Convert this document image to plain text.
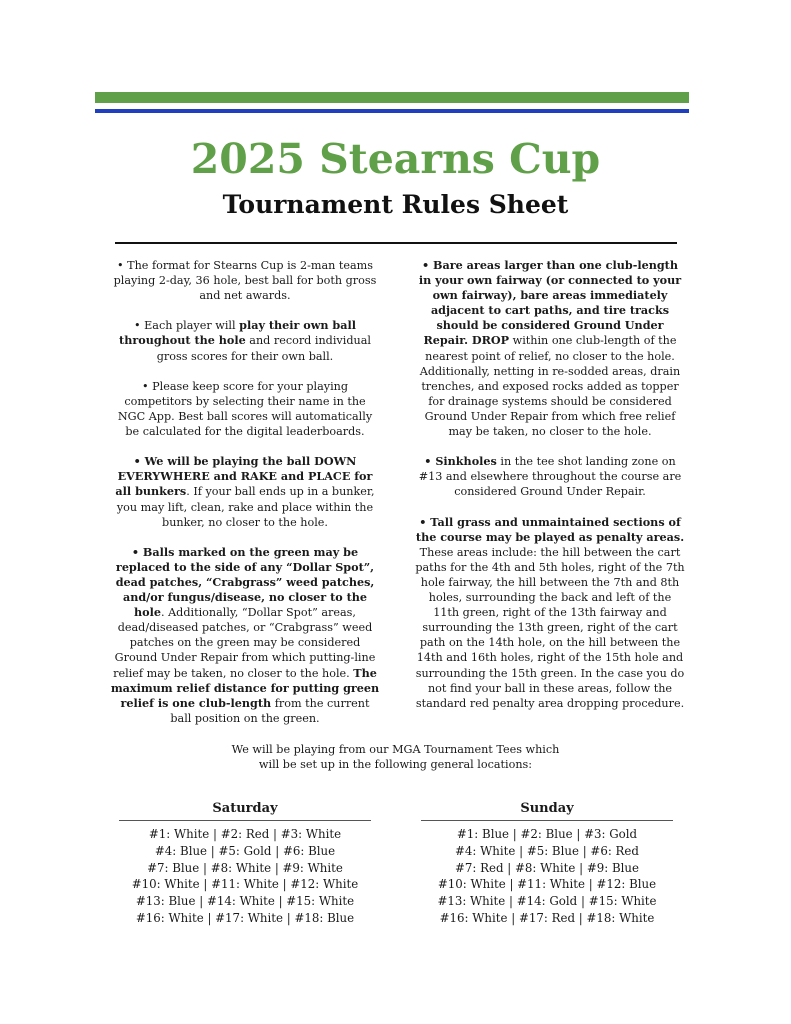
2025 Stearns Cup
Tournament Rules Sheet

• The format for Stearns Cup is 2-man teams playing 2-day, 36 hole, best ball for both gross and net awards.

• Each player will play their own ball throughout the hole and record individual gross scores for their own ball.

• Please keep score for your playing competitors by selecting their name in the NGC App. Best ball scores will automatically be calculated for the digital leaderboards.

• We will be playing the ball DOWN EVERYWHERE and RAKE and PLACE for all bunkers. If your ball ends up in a bunker, you may lift, clean, rake and place within the bunker, no closer to the hole.

• Balls marked on the green may be replaced to the side of any “Dollar Spot”, dead patches, “Crabgrass” weed patches, and/or fungus/disease, no closer to the hole. Additionally, “Dollar Spot” areas, dead/diseased patches, or “Crabgrass” weed patches on the green may be considered Ground Under Repair from which putting-line relief may be taken, no closer to the hole. The maximum relief distance for putting green relief is one club-length from the current ball position on the green.

• Bare areas larger than one club-length in your own fairway (or connected to your own fairway), bare areas immediately adjacent to cart paths, and tire tracks should be considered Ground Under Repair. DROP within one club-length of the nearest point of relief, no closer to the hole. Additionally, netting in re-sodded areas, drain trenches, and exposed rocks added as topper for drainage systems should be considered Ground Under Repair from which free relief may be taken, no closer to the hole.

• Sinkholes in the tee shot landing zone on #13 and elsewhere throughout the course are considered Ground Under Repair.

• Tall grass and unmaintained sections of the course may be played as penalty areas. These areas include: the hill between the cart paths for the 4th and 5th holes, right of the 7th hole fairway, the hill between the 7th and 8th holes, surrounding the back and left of the 11th green, right of the 13th fairway and surrounding the 13th green, right of the cart path on the 14th hole, on the hill between the 14th and 16th holes, right of the 15th hole and surrounding the 15th green. In the case you do not find your ball in these areas, follow the standard red penalty area dropping procedure.

We will be playing from our MGA Tournament Tees which
will be set up in the following general locations:
Saturday
#1: White | #2: Red | #3: White
#4: Blue | #5: Gold | #6: Blue
#7: Blue | #8: White | #9: White
#10: White | #11: White | #12: White
#13: Blue | #14: White | #15: White
#16: White | #17: White | #18: Blue
Sunday
#1: Blue | #2: Blue | #3: Gold
#4: White | #5: Blue | #6: Red
#7: Red | #8: White | #9: Blue
#10: White | #11: White | #12: Blue
#13: White | #14: Gold | #15: White
#16: White | #17: Red | #18: White
